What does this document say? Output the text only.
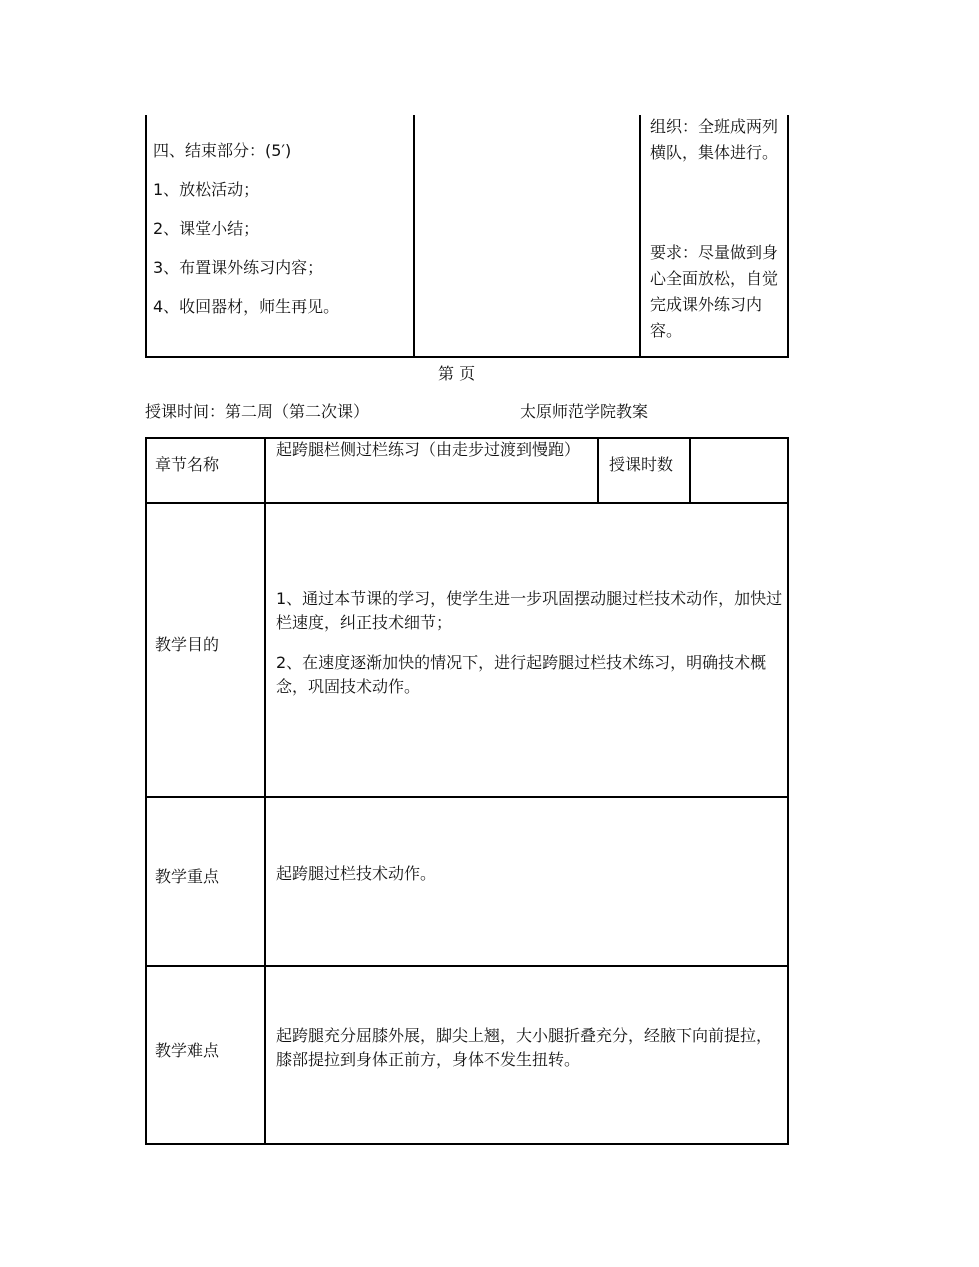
四、结束部分：(5′)
1、放松活动；
2、课堂小结；
3、布置课外练习内容；
4、收回器材，师生再见。
组织：全班成两列横队，集体进行。
要求：尽量做到身心全面放松，自觉完成课外练习内容。
第 页
授课时间：第二周（第二次课）	太原师范学院教案
章节名称
起跨腿栏侧过栏练习（由走步过渡到慢跑）
授课时数
教学目的
1、通过本节课的学习，使学生进一步巩固摆动腿过栏技术动作，加快过栏速度，纠正技术细节；
2、在速度逐渐加快的情况下，进行起跨腿过栏技术练习，明确技术概念，巩固技术动作。
教学重点	起跨腿过栏技术动作。
教学难点
起跨腿充分屈膝外展，脚尖上翘，大小腿折叠充分，经腋下向前提拉，膝部提拉到身体正前方，身体不发生扭转。
